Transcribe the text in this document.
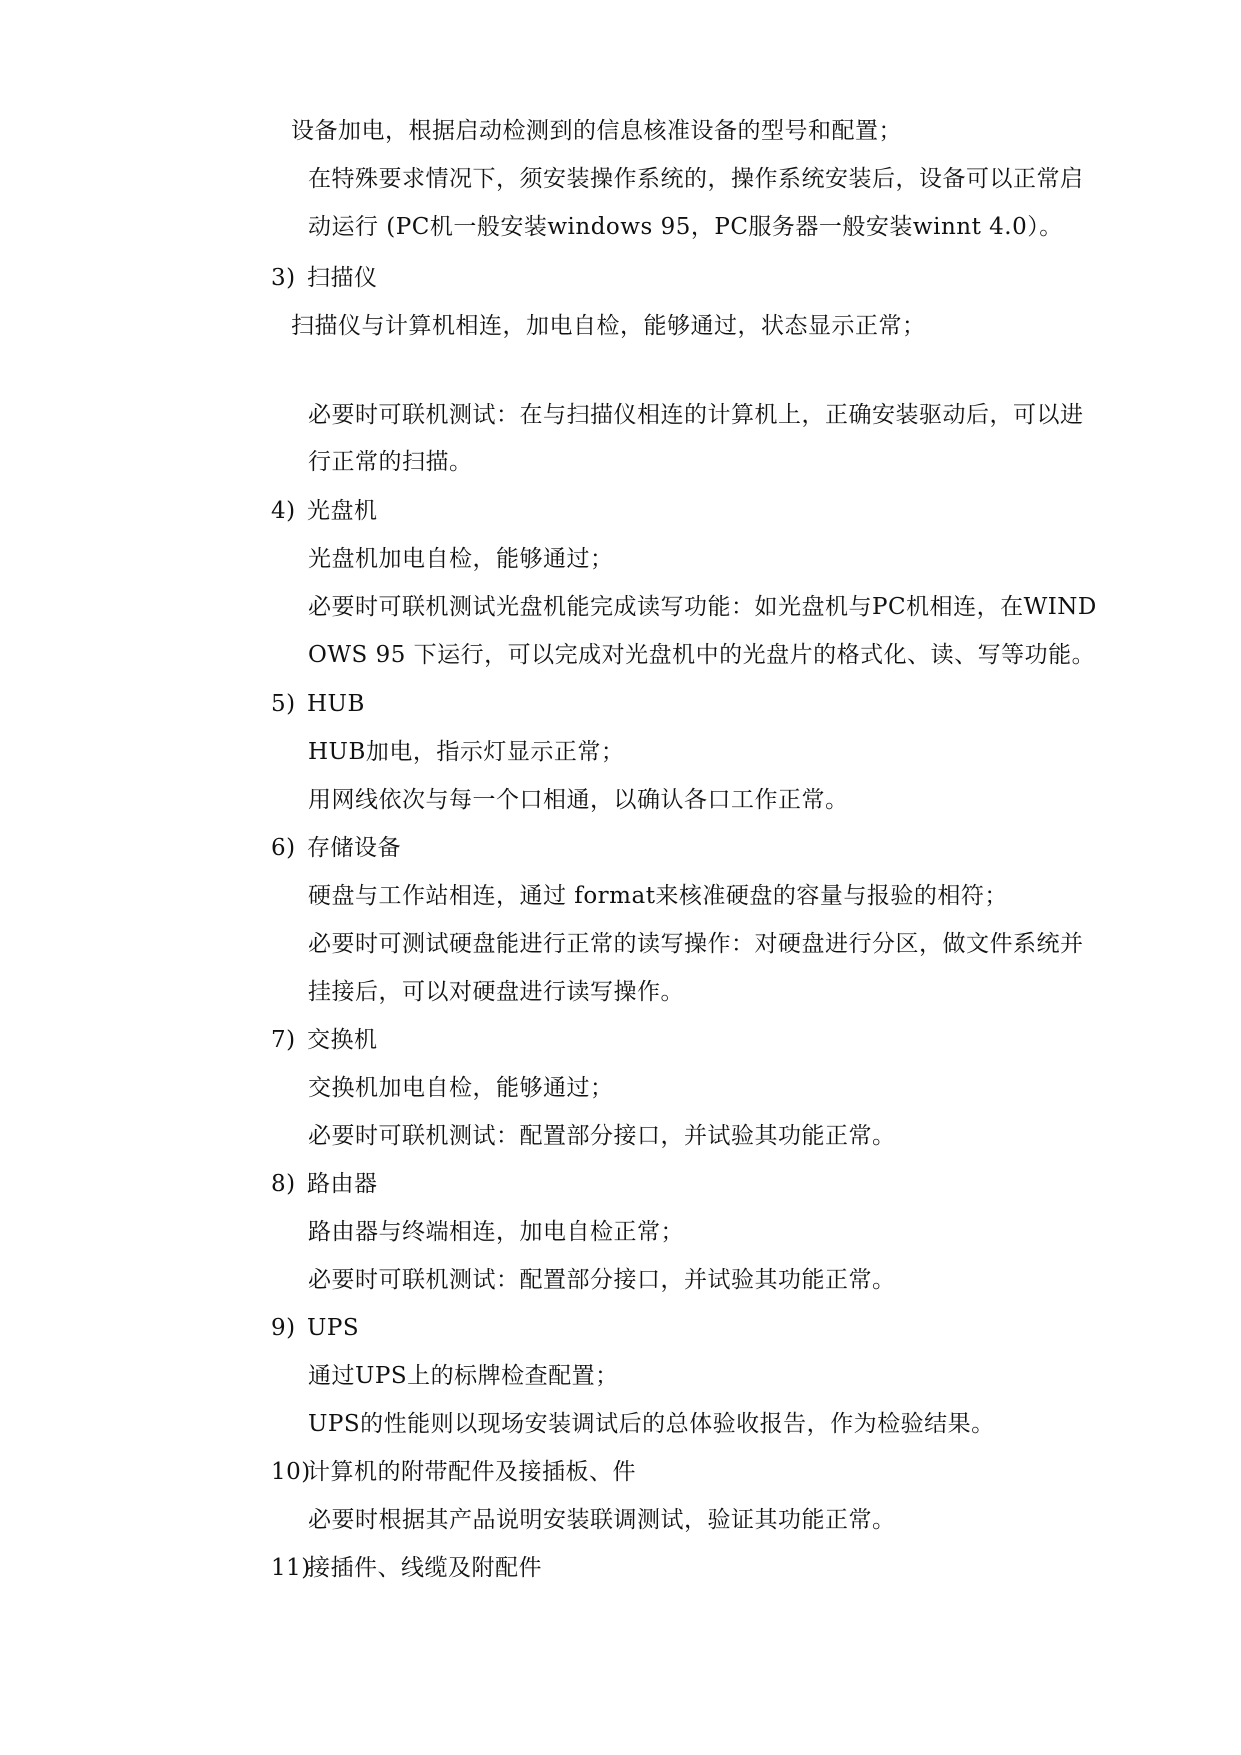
设备加电，根据启动检测到的信息核准设备的型号和配置；
在特殊要求情况下，须安装操作系统的，操作系统安装后，设备可以正常启
动运行 (PC机一般安装windows 95，PC服务器一般安装winnt 4.0）。
3) 扫描仪
扫描仪与计算机相连，加电自检，能够通过，状态显示正常；
必要时可联机测试：在与扫描仪相连的计算机上，正确安装驱动后，可以进
行正常的扫描。
4) 光盘机
光盘机加电自检，能够通过；
必要时可联机测试光盘机能完成读写功能：如光盘机与PC机相连，在WIND
OWS 95 下运行，可以完成对光盘机中的光盘片的格式化、读、写等功能。
5) HUB
HUB加电，指示灯显示正常；
用网线依次与每一个口相通，以确认各口工作正常。
6) 存储设备
硬盘与工作站相连，通过 format来核准硬盘的容量与报验的相符；
必要时可测试硬盘能进行正常的读写操作：对硬盘进行分区，做文件系统并
挂接后，可以对硬盘进行读写操作。
7) 交换机
交换机加电自检，能够通过；
必要时可联机测试：配置部分接口，并试验其功能正常。
8) 路由器
路由器与终端相连，加电自检正常；
必要时可联机测试：配置部分接口，并试验其功能正常。
9) UPS
通过UPS上的标牌检查配置；
UPS的性能则以现场安装调试后的总体验收报告，作为检验结果。
10)计算机的附带配件及接插板、件
必要时根据其产品说明安装联调测试，验证其功能正常。
11)接插件、线缆及附配件
